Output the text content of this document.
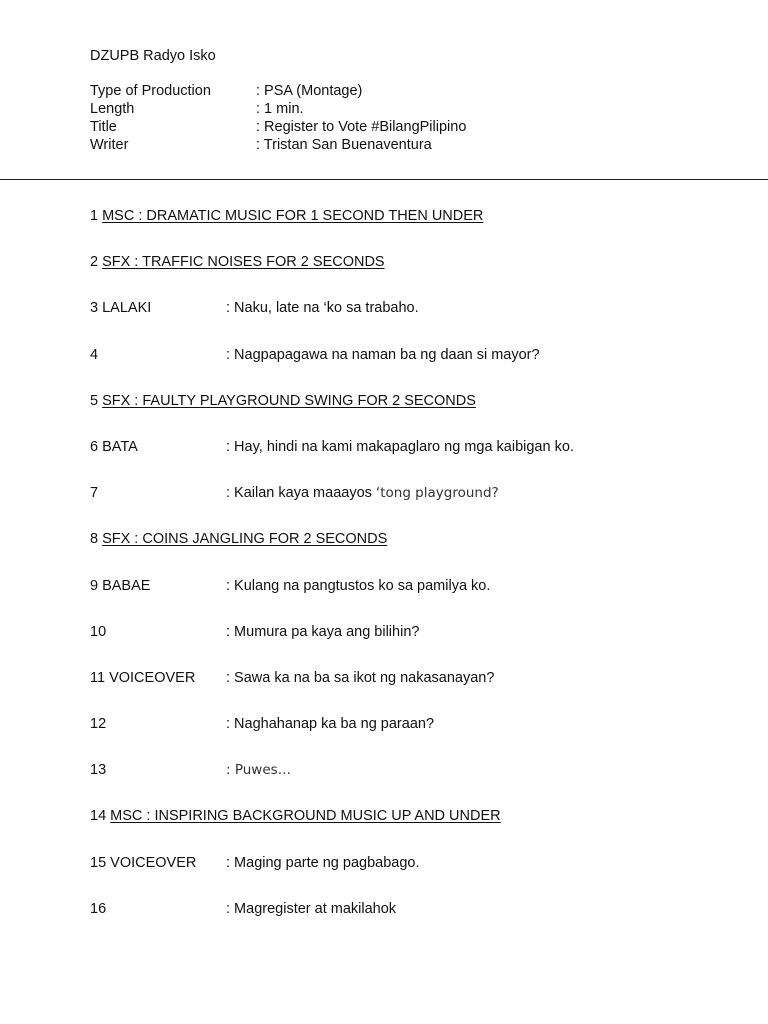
DZUPB Radyo Isko
Type of Production	: PSA (Montage)
Length	: 1 min.
Title	: Register to Vote #BilangPilipino
Writer	: Tristan San Buenaventura
1 MSC : DRAMATIC MUSIC FOR 1 SECOND THEN UNDER
2 SFX : TRAFFIC NOISES FOR 2 SECONDS
3 LALAKI	: Naku, late na ‘ko sa trabaho.
4	: Nagpapagawa na naman ba ng daan si mayor?
5 SFX : FAULTY PLAYGROUND SWING FOR 2 SECONDS
6 BATA	: Hay, hindi na kami makapaglaro ng mga kaibigan ko.
7	: Kailan kaya maaayos ‘tong playground?
8 SFX : COINS JANGLING FOR 2 SECONDS
9 BABAE	: Kulang na pangtustos ko sa pamilya ko.
10	: Mumura pa kaya ang bilihin?
11 VOICEOVER	: Sawa ka na ba sa ikot ng nakasanayan?
12	: Naghahanap ka ba ng paraan?
13	: Puwes…
14 MSC : INSPIRING BACKGROUND MUSIC UP AND UNDER
15 VOICEOVER	: Maging parte ng pagbabago.
16	: Magregister at makilahok
